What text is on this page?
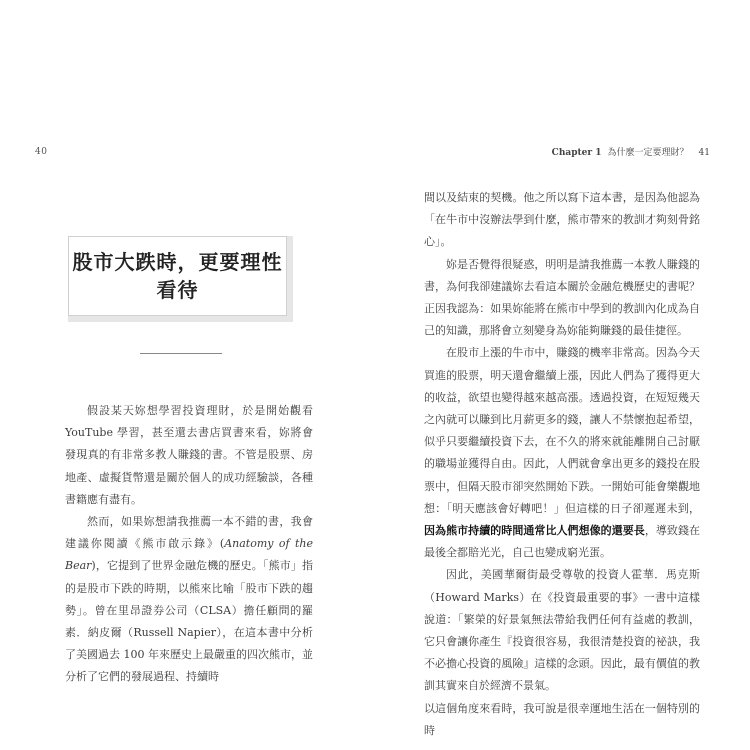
40
股市大跌時，更要理性
看待

假設某天妳想學習投資理財，於是開始觀看 YouTube 學習，甚至還去書店買書來看，妳將會發現真的有非常多教人賺錢的書。不管是股票、房地產、虛擬貨幣還是關於個人的成功經驗談，各種書籍應有盡有。

然而，如果妳想請我推薦一本不錯的書，我會建議你閱讀《熊市啟示錄》(Anatomy of the Bear)，它提到了世界金融危機的歷史。「熊市」指的是股市下跌的時期，以熊來比喻「股市下跌的趨勢」。曾在里昂證券公司（CLSA）擔任顧問的羅素．納皮爾（Russell Napier），在這本書中分析了美國過去 100 年來歷史上最嚴重的四次熊市，並分析了它們的發展過程、持續時

Chapter 1 為什麼一定要理財？ 41

間以及結束的契機。他之所以寫下這本書，是因為他認為「在牛市中沒辦法學到什麼，熊市帶來的教訓才夠刻骨銘心」。

妳是否覺得很疑惑，明明是請我推薦一本教人賺錢的書，為何我卻建議妳去看這本關於金融危機歷史的書呢？正因我認為：如果妳能將在熊市中學到的教訓內化成為自己的知識，那將會立刻變身為妳能夠賺錢的最佳捷徑。

在股市上漲的牛市中，賺錢的機率非常高。因為今天買進的股票，明天還會繼續上漲，因此人們為了獲得更大的收益，欲望也變得越來越高漲。透過投資，在短短幾天之內就可以賺到比月薪更多的錢，讓人不禁懷抱起希望，似乎只要繼續投資下去，在不久的將來就能離開自己討厭的職場並獲得自由。因此，人們就會拿出更多的錢投在股票中，但隔天股市卻突然開始下跌。一開始可能會樂觀地想：「明天應該會好轉吧！」但這樣的日子卻遲遲未到，因為熊市持續的時間通常比人們想像的還要長，導致錢在最後全都賠光光，自己也變成窮光蛋。

因此，美國華爾街最受尊敬的投資人霍華．馬克斯（Howard Marks）在《投資最重要的事》一書中這樣說道：「繁榮的好景氣無法帶給我們任何有益處的教訓，它只會讓你產生『投資很容易，我很清楚投資的祕訣，我不必擔心投資的風險』這樣的念頭。因此，最有價值的教訓其實來自於經濟不景氣。

以這個角度來看時，我可說是很幸運地生活在一個特別的時
